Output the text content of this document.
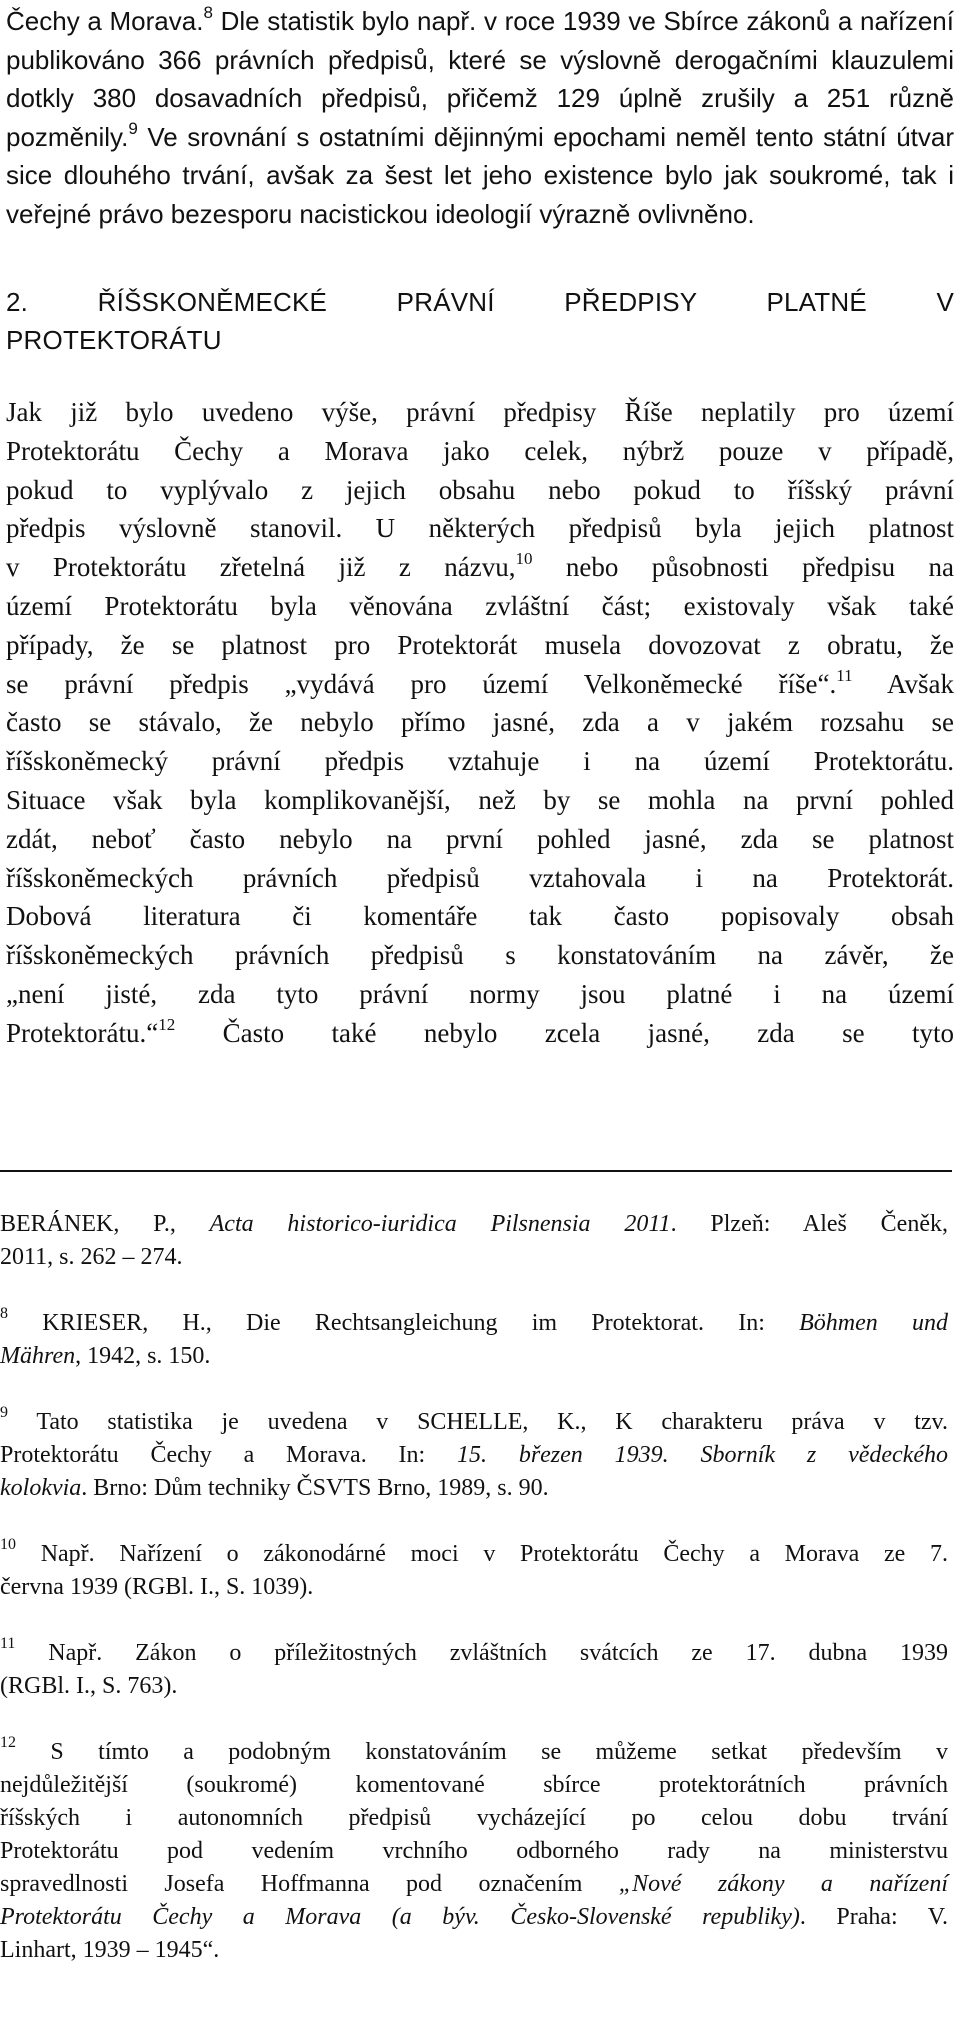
Čechy a Morava.$^8$ Dle statistik bylo např. v roce 1939 ve Sbírce zákonů a nařízení publikováno 366 právních předpisů, které se výslovně derogačními klauzulemi dotkly 380 dosavadních předpisů, přičemž 129 úplně zrušily a 251 různě pozměnily.$^9$ Ve srovnání s ostatními dějinnými epochami neměl tento státní útvar sice dlouhého trvání, avšak za šest let jeho existence bylo jak soukromé, tak i veřejné právo bezesporu nacistickou ideologií výrazně ovlivněno.

2. ŘÍŠSKONĚMECKÉ PRÁVNÍ PŘEDPISY PLATNÉ V
PROTEKTORÁTU

Jak již bylo uvedeno výše, právní předpisy Říše neplatily pro území
Protektorátu Čechy a Morava jako celek, nýbrž pouze v případě,
pokud to vyplývalo z jejich obsahu nebo pokud to říšský právní
předpis výslovně stanovil. U některých předpisů byla jejich platnost
v Protektorátu zřetelná již z názvu,$^{10}$ nebo působnosti předpisu na
území Protektorátu byla věnována zvláštní část; existovaly však také
případy, že se platnost pro Protektorát musela dovozovat z obratu, že
se právní předpis „vydává pro území Velkoněmecké říše“.$^{11}$ Avšak
často se stávalo, že nebylo přímo jasné, zda a v jakém rozsahu se
říšskoněmecký právní předpis vztahuje i na území Protektorátu.
Situace však byla komplikovanější, než by se mohla na první pohled
zdát, neboť často nebylo na první pohled jasné, zda se platnost
říšskoněmeckých právních předpisů vztahovala i na Protektorát.
Dobová literatura či komentáře tak často popisovaly obsah
říšskoněmeckých právních předpisů s konstatováním na závěr, že
„není jisté, zda tyto právní normy jsou platné i na území
Protektorátu.“$^{12}$ Často také nebylo zcela jasné, zda se tyto

BERÁNEK, P., Acta historico-iuridica Pilsnensia 2011. Plzeň: Aleš Čeněk,
2011, s. 262 – 274.

$^8$ KRIESER, H., Die Rechtsangleichung im Protektorat. In: Böhmen und
Mähren, 1942, s. 150.

$^9$ Tato statistika je uvedena v SCHELLE, K., K charakteru práva v tzv.
Protektorátu Čechy a Morava. In: 15. březen 1939. Sborník z vědeckého
kolokvia. Brno: Dům techniky ČSVTS Brno, 1989, s. 90.

$^{10}$ Např. Nařízení o zákonodárné moci v Protektorátu Čechy a Morava ze 7.
června 1939 (RGBl. I., S. 1039).

$^{11}$ Např. Zákon o příležitostných zvláštních svátcích ze 17. dubna 1939
(RGBl. I., S. 763).

$^{12}$ S tímto a podobným konstatováním se můžeme setkat především v
nejdůležitější (soukromé) komentované sbírce protektorátních právních
říšských i autonomních předpisů vycházející po celou dobu trvání
Protektorátu pod vedením vrchního odborného rady na ministerstvu
spravedlnosti Josefa Hoffmanna pod označením „Nové zákony a nařízení
Protektorátu Čechy a Morava (a býv. Česko-Slovenské republiky). Praha: V.
Linhart, 1939 – 1945“.
